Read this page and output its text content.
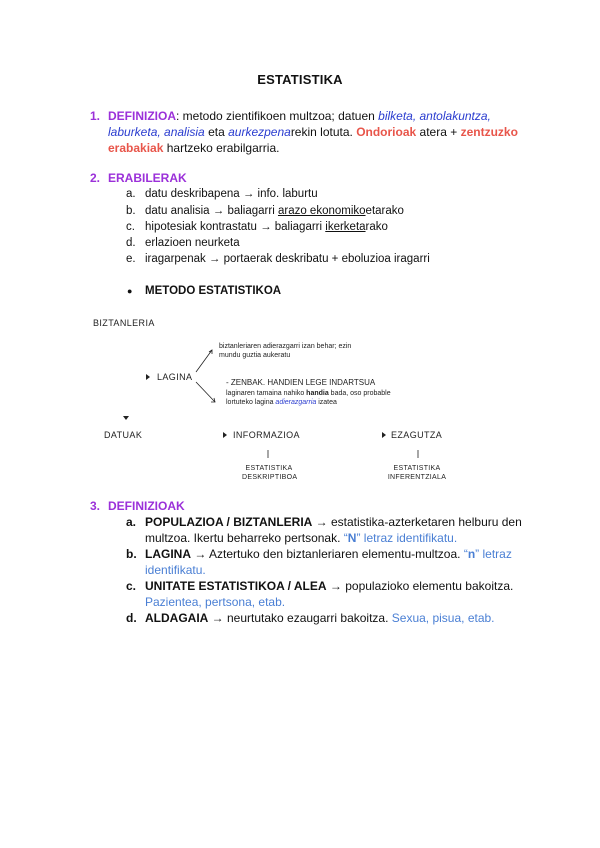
ESTATISTIKA
1. DEFINIZIOA: metodo zientifikoen multzoa; datuen bilketa, antolakuntza,
laburketa, analisia eta aurkezpenarekin lotuta. Ondorioak atera + zentzuzko
erabakiak hartzeko erabilgarria.
2. ERABILERAK
a. datu deskribapena → info. laburtu
b. datu analisia → baliagarri arazo ekonomikoetarako
c. hipotesiak kontrastatu → baliagarri ikerketarako
d. erlazioen neurketa
e. iragarpenak → portaerak deskribatu + eboluzioa iragarri
● METODO ESTATISTIKOA
BIZTANLERIA
LAGINA
biztanleriaren adierazgarri izan behar; ezin
mundu guztia aukeratu
- ZENBAK. HANDIEN LEGE INDARTSUA
laginaren tamaina nahiko handia bada, oso probable
lortuteko lagina adierazgarria izatea
DATUAK	INFORMAZIOA	EZAGUTZA
ESTATISTIKA
DESKRIPTIBOA
ESTATISTIKA
INFERENTZIALA
3. DEFINIZIOAK
a. POPULAZIOA / BIZTANLERIA → estatistika-azterketaren helburu den
multzoa. Ikertu beharreko pertsonak. “N” letraz identifikatu.
b. LAGINA → Aztertuko den biztanleriaren elementu-multzoa. “n” letraz
identifikatu.
c. UNITATE ESTATISTIKOA / ALEA → populazioko elementu bakoitza.
Pazientea, pertsona, etab.
d. ALDAGAIA → neurtutako ezaugarri bakoitza. Sexua, pisua, etab.
